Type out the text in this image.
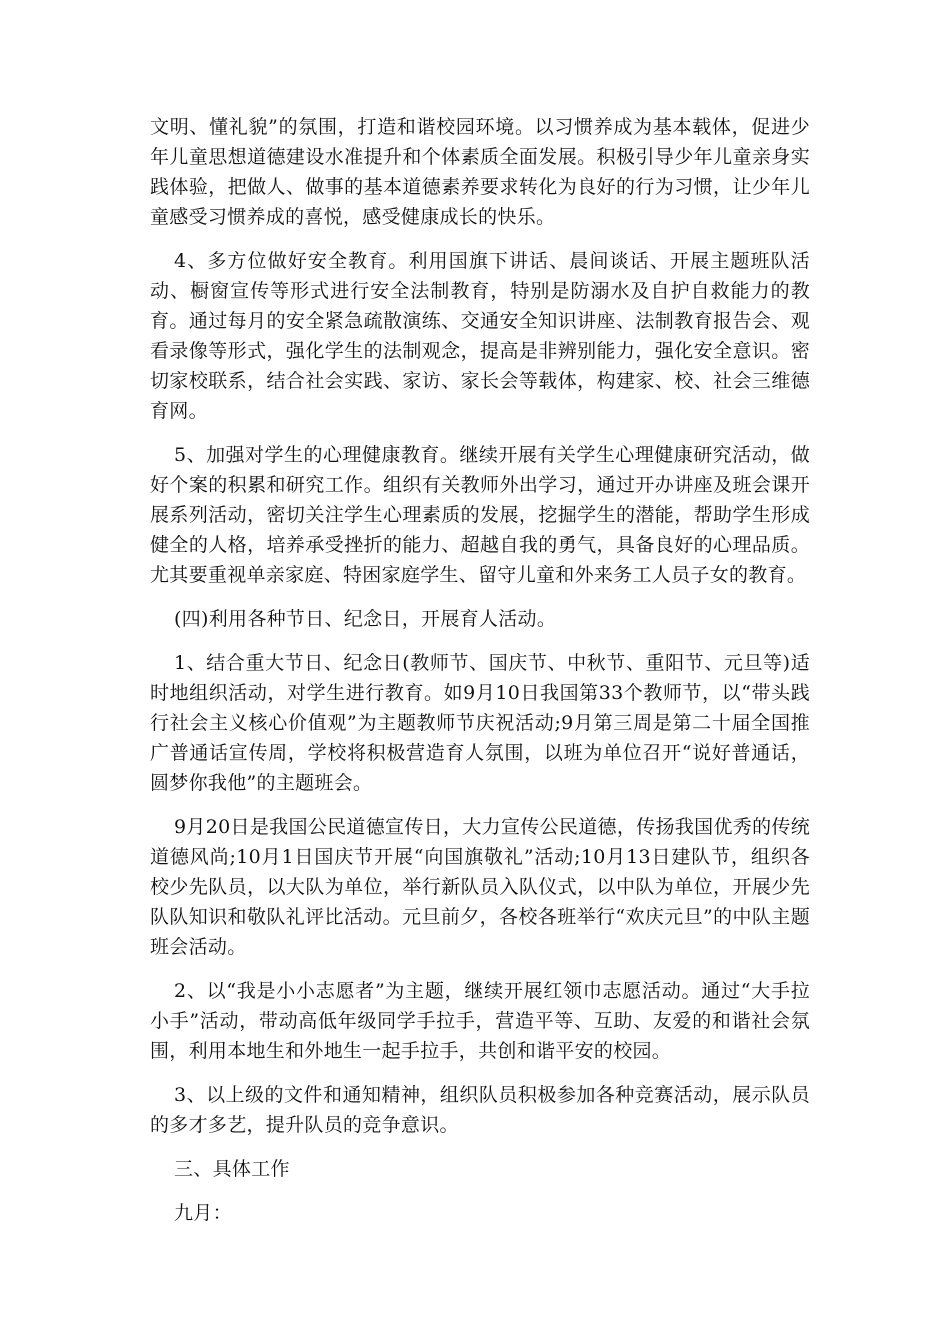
文明、懂礼貌”的氛围，打造和谐校园环境。以习惯养成为基本载体，促进少年儿童思想道德建设水准提升和个体素质全面发展。积极引导少年儿童亲身实践体验，把做人、做事的基本道德素养要求转化为良好的行为习惯，让少年儿童感受习惯养成的喜悦，感受健康成长的快乐。

4、多方位做好安全教育。利用国旗下讲话、晨间谈话、开展主题班队活动、橱窗宣传等形式进行安全法制教育，特别是防溺水及自护自救能力的教育。通过每月的安全紧急疏散演练、交通安全知识讲座、法制教育报告会、观看录像等形式，强化学生的法制观念，提高是非辨别能力，强化安全意识。密切家校联系，结合社会实践、家访、家长会等载体，构建家、校、社会三维德育网。

5、加强对学生的心理健康教育。继续开展有关学生心理健康研究活动，做好个案的积累和研究工作。组织有关教师外出学习，通过开办讲座及班会课开展系列活动，密切关注学生心理素质的发展，挖掘学生的潜能，帮助学生形成健全的人格，培养承受挫折的能力、超越自我的勇气，具备良好的心理品质。尤其要重视单亲家庭、特困家庭学生、留守儿童和外来务工人员子女的教育。

(四)利用各种节日、纪念日，开展育人活动。

1、结合重大节日、纪念日(教师节、国庆节、中秋节、重阳节、元旦等)适时地组织活动，对学生进行教育。如9月10日我国第33个教师节，以“带头践行社会主义核心价值观”为主题教师节庆祝活动;9月第三周是第二十届全国推广普通话宣传周，学校将积极营造育人氛围，以班为单位召开“说好普通话，圆梦你我他”的主题班会。

9月20日是我国公民道德宣传日，大力宣传公民道德，传扬我国优秀的传统道德风尚;10月1日国庆节开展“向国旗敬礼”活动;10月13日建队节，组织各校少先队员，以大队为单位，举行新队员入队仪式，以中队为单位，开展少先队队知识和敬队礼评比活动。元旦前夕，各校各班举行“欢庆元旦”的中队主题班会活动。

2、以“我是小小志愿者”为主题，继续开展红领巾志愿活动。通过“大手拉小手”活动，带动高低年级同学手拉手，营造平等、互助、友爱的和谐社会氛围，利用本地生和外地生一起手拉手，共创和谐平安的校园。

3、以上级的文件和通知精神，组织队员积极参加各种竞赛活动，展示队员的多才多艺，提升队员的竞争意识。

三、具体工作

九月：
